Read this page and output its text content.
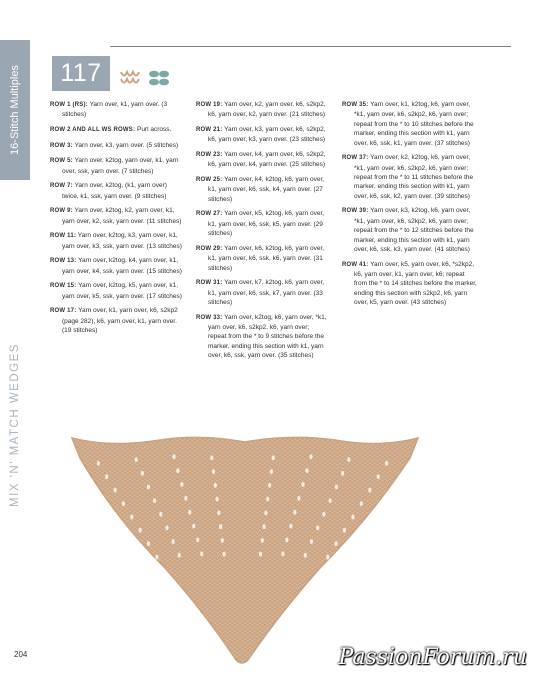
16-Stitch Multiples
MIX 'N' MATCH WEDGES
204
117

ROW 1 (RS): Yarn over, k1, yarn over. (3 stitches)

ROW 2 AND ALL WS ROWS: Purl across.

ROW 3: Yarn over, k3, yarn over. (5 stitches)

ROW 5: Yarn over, k2tog, yarn over, k1, yarn over, ssk, yarn over. (7 stitches)

ROW 7: Yarn over, k2tog, (k1, yarn over) twice, k1, ssk, yarn over. (9 stitches)

ROW 9: Yarn over, k2tog, k2, yarn over, k1, yarn over, k2, ssk, yarn over. (11 stitches)

ROW 11: Yarn over, k2tog, k3, yarn over, k1, yarn over, k3, ssk, yarn over. (13 stitches)

ROW 13: Yarn over, k2tog, k4, yarn over, k1, yarn over, k4, ssk, yarn over. (15 stitches)

ROW 15: Yarn over, k2tog, k5, yarn over, k1, yarn over, k5, ssk, yarn over. (17 stitches)

ROW 17: Yarn over, k1, yarn over, k6, s2kp2 (page 282), k6, yarn over, k1, yarn over. (19 stitches)

ROW 19: Yarn over, k2, yarn over, k6, s2kp2, k6, yarn over, k2, yarn over. (21 stitches)

ROW 21: Yarn over, k3, yarn over, k6, s2kp2, k6, yarn over, k3, yarn over. (23 stitches)

ROW 23: Yarn over, k4, yarn over, k6, s2kp2, k6, yarn over, k4, yarn over. (25 stitches)

ROW 25: Yarn over, k4, k2tog, k6, yarn over, k1, yarn over, k6, ssk, k4, yarn over. (27 stitches)

ROW 27: Yarn over, k5, k2tog, k6, yarn over, k1, yarn over, k6, ssk, k5, yarn over. (29 stitches)

ROW 29: Yarn over, k6, k2tog, k6, yarn over, k1, yarn over, k6, ssk, k6, yarn over. (31 stitches)

ROW 31: Yarn over, k7, k2tog, k6, yarn over, k1, yarn over, k6, ssk, k7, yarn over. (33 stitches)

ROW 33: Yarn over, k2tog, k6, yarn over, *k1, yarn over, k6, s2kp2, k6, yarn over; repeat from the * to 9 stitches before the marker, ending this section with k1, yarn over, k6, ssk, yarn over. (35 stitches)

ROW 35: Yarn over, k1, k2tog, k6, yarn over, *k1, yarn over, k6, s2kp2, k6, yarn over; repeat from the * to 10 stitches before the marker, ending this section with k1, yarn over, k6, ssk, k1, yarn over. (37 stitches)

ROW 37: Yarn over, k2, k2tog, k6, yarn over, *k1, yarn over, k6, s2kp2, k6, yarn over; repeat from the * to 11 stitches before the marker, ending this section with k1, yarn over, k6, ssk, k2, yarn over. (39 stitches)

ROW 39: Yarn over, k3, k2tog, k6, yarn over, *k1, yarn over, k6, s2kp2, k6, yarn over; repeat from the * to 12 stitches before the marker, ending this section with k1, yarn over, k6, ssk, k3, yarn over. (41 stitches)

ROW 41: Yarn over, k5, yarn over, k6, *s2kp2, k6, yarn over, k1, yarn over, k6; repeat from the * to 14 stitches before the marker, ending this section with s2kp2, k6, yarn over, k5, yarn over. (43 stitches)

PassionForum.ru
